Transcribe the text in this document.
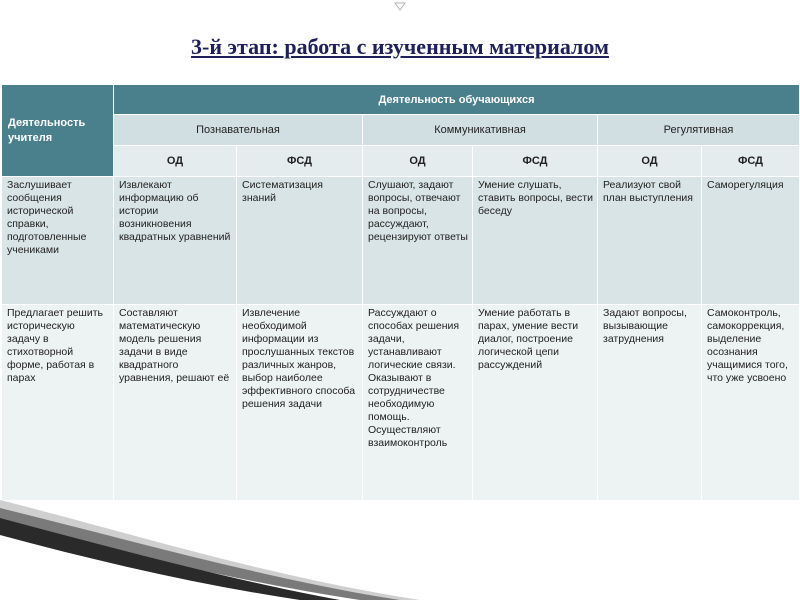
3-й этап: работа с изученным материалом
Деятельность учителя	Деятельность обучающихся					
	Познавательная		Коммуникативная		Регулятивная	
	ОД	ФСД	ОД	ФСД	ОД	ФСД
Заслушивает сообщения исторической справки, подготовленные учениками	Извлекают информацию об истории возникновения квадратных уравнений	Систематизация знаний	Слушают, задают вопросы, отвечают на вопросы, рассуждают, рецензируют ответы	Умение слушать, ставить вопросы, вести беседу	Реализуют свой план выступления	Саморегуляция
Предлагает решить историческую задачу в стихотворной форме, работая в парах	Составляют математическую модель решения задачи в виде квадратного уравнения, решают её	Извлечение необходимой информации из прослушанных текстов различных жанров, выбор наиболее эффективного способа решения задачи	Рассуждают о способах решения задачи, устанавливают логические связи. Оказывают в сотрудничестве необходимую помощь. Осуществляют взаимоконтроль	Умение работать в парах, умение вести диалог, построение логической цепи рассуждений	Задают вопросы, вызывающие затруднения	Самоконтроль, самокоррекция, выделение осознания учащимися того, что уже усвоено
